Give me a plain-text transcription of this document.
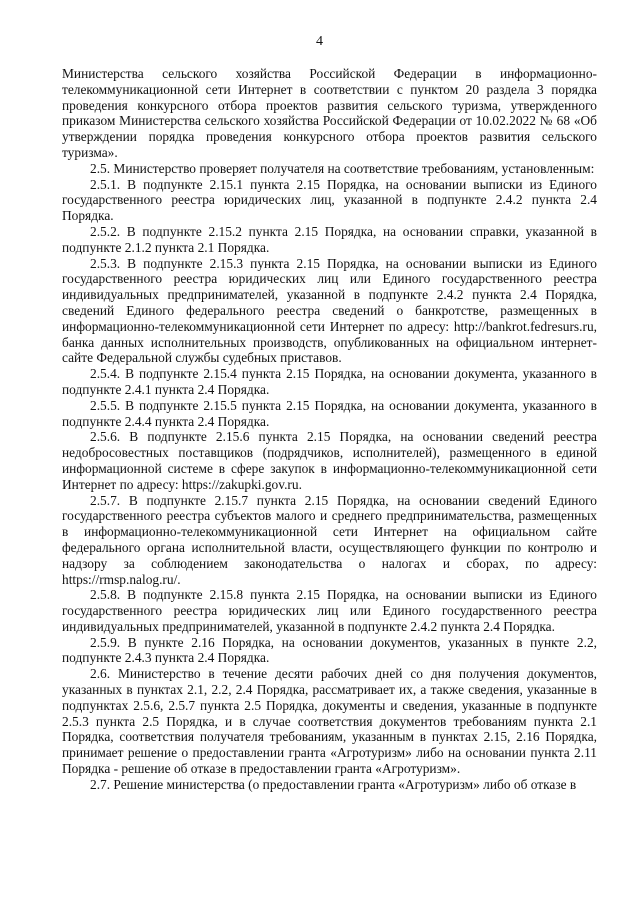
4

Министерства сельского хозяйства Российской Федерации в информационно-телекоммуникационной сети Интернет в соответствии с пунктом 20 раздела 3 порядка проведения конкурсного отбора проектов развития сельского туризма, утвержденного приказом Министерства сельского хозяйства Российской Федерации от 10.02.2022 № 68 «Об утверждении порядка проведения конкурсного отбора проектов развития сельского туризма».

2.5. Министерство проверяет получателя на соответствие требованиям, установленным:

2.5.1. В подпункте 2.15.1 пункта 2.15 Порядка, на основании выписки из Единого государственного реестра юридических лиц, указанной в подпункте 2.4.2 пункта 2.4 Порядка.

2.5.2. В подпункте 2.15.2 пункта 2.15 Порядка, на основании справки, указанной в подпункте 2.1.2 пункта 2.1 Порядка.

2.5.3. В подпункте 2.15.3 пункта 2.15 Порядка, на основании выписки из Единого государственного реестра юридических лиц или Единого государственного реестра индивидуальных предпринимателей, указанной в подпункте 2.4.2 пункта 2.4 Порядка, сведений Единого федерального реестра сведений о банкротстве, размещенных в информационно-телекоммуникационной сети Интернет по адресу: http://bankrot.fedresurs.ru, банка данных исполнительных производств, опубликованных на официальном интернет-сайте Федеральной службы судебных приставов.

2.5.4. В подпункте 2.15.4 пункта 2.15 Порядка, на основании документа, указанного в подпункте 2.4.1 пункта 2.4 Порядка.

2.5.5. В подпункте 2.15.5 пункта 2.15 Порядка, на основании документа, указанного в подпункте 2.4.4 пункта 2.4 Порядка.

2.5.6. В подпункте 2.15.6 пункта 2.15 Порядка, на основании сведений реестра недобросовестных поставщиков (подрядчиков, исполнителей), размещенного в единой информационной системе в сфере закупок в информационно-телекоммуникационной сети Интернет по адресу: https://zakupki.gov.ru.

2.5.7. В подпункте 2.15.7 пункта 2.15 Порядка, на основании сведений Единого государственного реестра субъектов малого и среднего предпринимательства, размещенных в информационно-телекоммуникационной сети Интернет на официальном сайте федерального органа исполнительной власти, осуществляющего функции по контролю и надзору за соблюдением законодательства о налогах и сборах, по адресу: https://rmsp.nalog.ru/.

2.5.8. В подпункте 2.15.8 пункта 2.15 Порядка, на основании выписки из Единого государственного реестра юридических лиц или Единого государственного реестра индивидуальных предпринимателей, указанной в подпункте 2.4.2 пункта 2.4 Порядка.

2.5.9. В пункте 2.16 Порядка, на основании документов, указанных в пункте 2.2, подпункте 2.4.3 пункта 2.4 Порядка.

2.6. Министерство в течение десяти рабочих дней со дня получения документов, указанных в пунктах 2.1, 2.2, 2.4 Порядка, рассматривает их, а также сведения, указанные в подпунктах 2.5.6, 2.5.7 пункта 2.5 Порядка, документы и сведения, указанные в подпункте 2.5.3 пункта 2.5 Порядка, и в случае соответствия документов требованиям пункта 2.1 Порядка, соответствия получателя требованиям, указанным в пунктах 2.15, 2.16 Порядка, принимает решение о предоставлении гранта «Агротуризм» либо на основании пункта 2.11 Порядка - решение об отказе в предоставлении гранта «Агротуризм».

2.7. Решение министерства (о предоставлении гранта «Агротуризм» либо об отказе в
